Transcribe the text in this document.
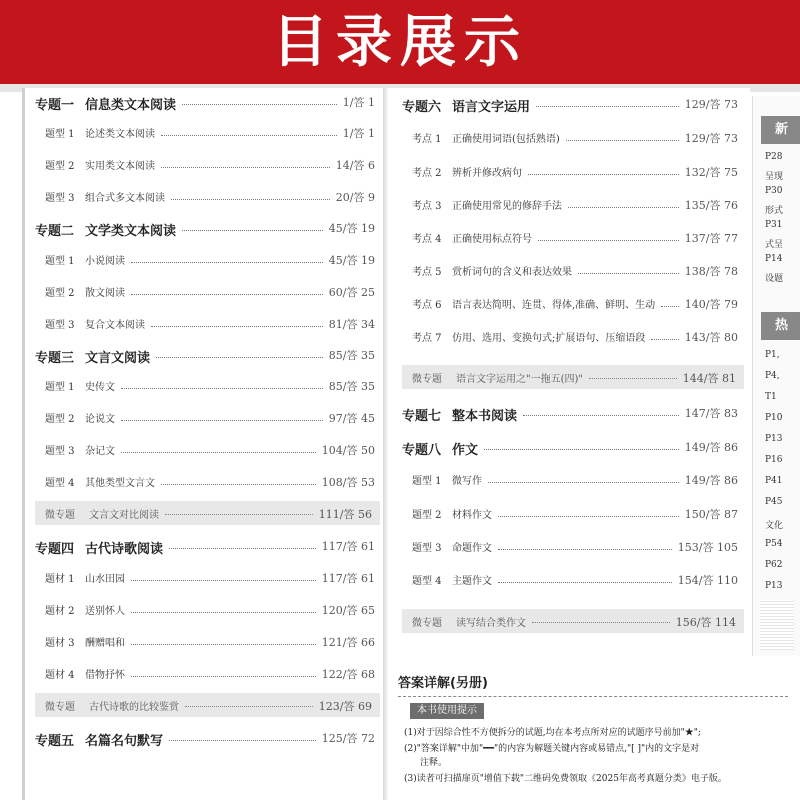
目录展示
专题一 信息类文本阅读	1/答 1
题型 1 论述类文本阅读	1/答 1
题型 2 实用类文本阅读	14/答 6
题型 3 组合式多文本阅读	20/答 9
专题二 文学类文本阅读	45/答 19
题型 1 小说阅读	45/答 19
题型 2 散文阅读	60/答 25
题型 3 复合文本阅读	81/答 34
专题三 文言文阅读	85/答 35
题型 1 史传文	85/答 35
题型 2 论说文	97/答 45
题型 3 杂记文	104/答 50
题型 4 其他类型文言文	108/答 53
微专题 文言文对比阅读	111/答 56
专题四 古代诗歌阅读	117/答 61
题材 1 山水田园	117/答 61
题材 2 送别怀人	120/答 65
题材 3 酬赠唱和	121/答 66
题材 4 借物抒怀	122/答 68
微专题 古代诗歌的比较鉴赏	123/答 69
专题五 名篇名句默写	125/答 72
专题六 语言文字运用	129/答 73
考点 1 正确使用词语(包括熟语)	129/答 73
考点 2 辨析并修改病句	132/答 75
考点 3 正确使用常见的修辞手法	135/答 76
考点 4 正确使用标点符号	137/答 77
考点 5 赏析词句的含义和表达效果	138/答 78
考点 6 语言表达简明、连贯、得体,准确、鲜明、生动	140/答 79
考点 7 仿用、选用、变换句式;扩展语句、压缩语段	143/答 80
微专题 语言文字运用之"一拖五(四)"	144/答 81
专题七 整本书阅读	147/答 83
专题八 作文	149/答 86
题型 1 微写作	149/答 86
题型 2 材料作文	150/答 87
题型 3 命题作文	153/答 105
题型 4 主题作文	154/答 110
微专题 读写结合类作文	156/答 114
新
P28
呈现
P30
形式
P31
式呈
P14
设题
热
P1,
P4,
T1
P10
P13
P16
P41
P45
文化
P54
P62
P13
答案详解(另册)
本书使用提示
(1)对于因综合性不方便拆分的试题,均在本考点所对应的试题序号前加"★";
(2)"答案详解"中加"━━"的内容为解题关键内容或易错点,"[ ]"内的文字是对
注释。
(3)读者可扫描扉页"增值下载"二维码免费领取《2025年高考真题分类》电子版。
